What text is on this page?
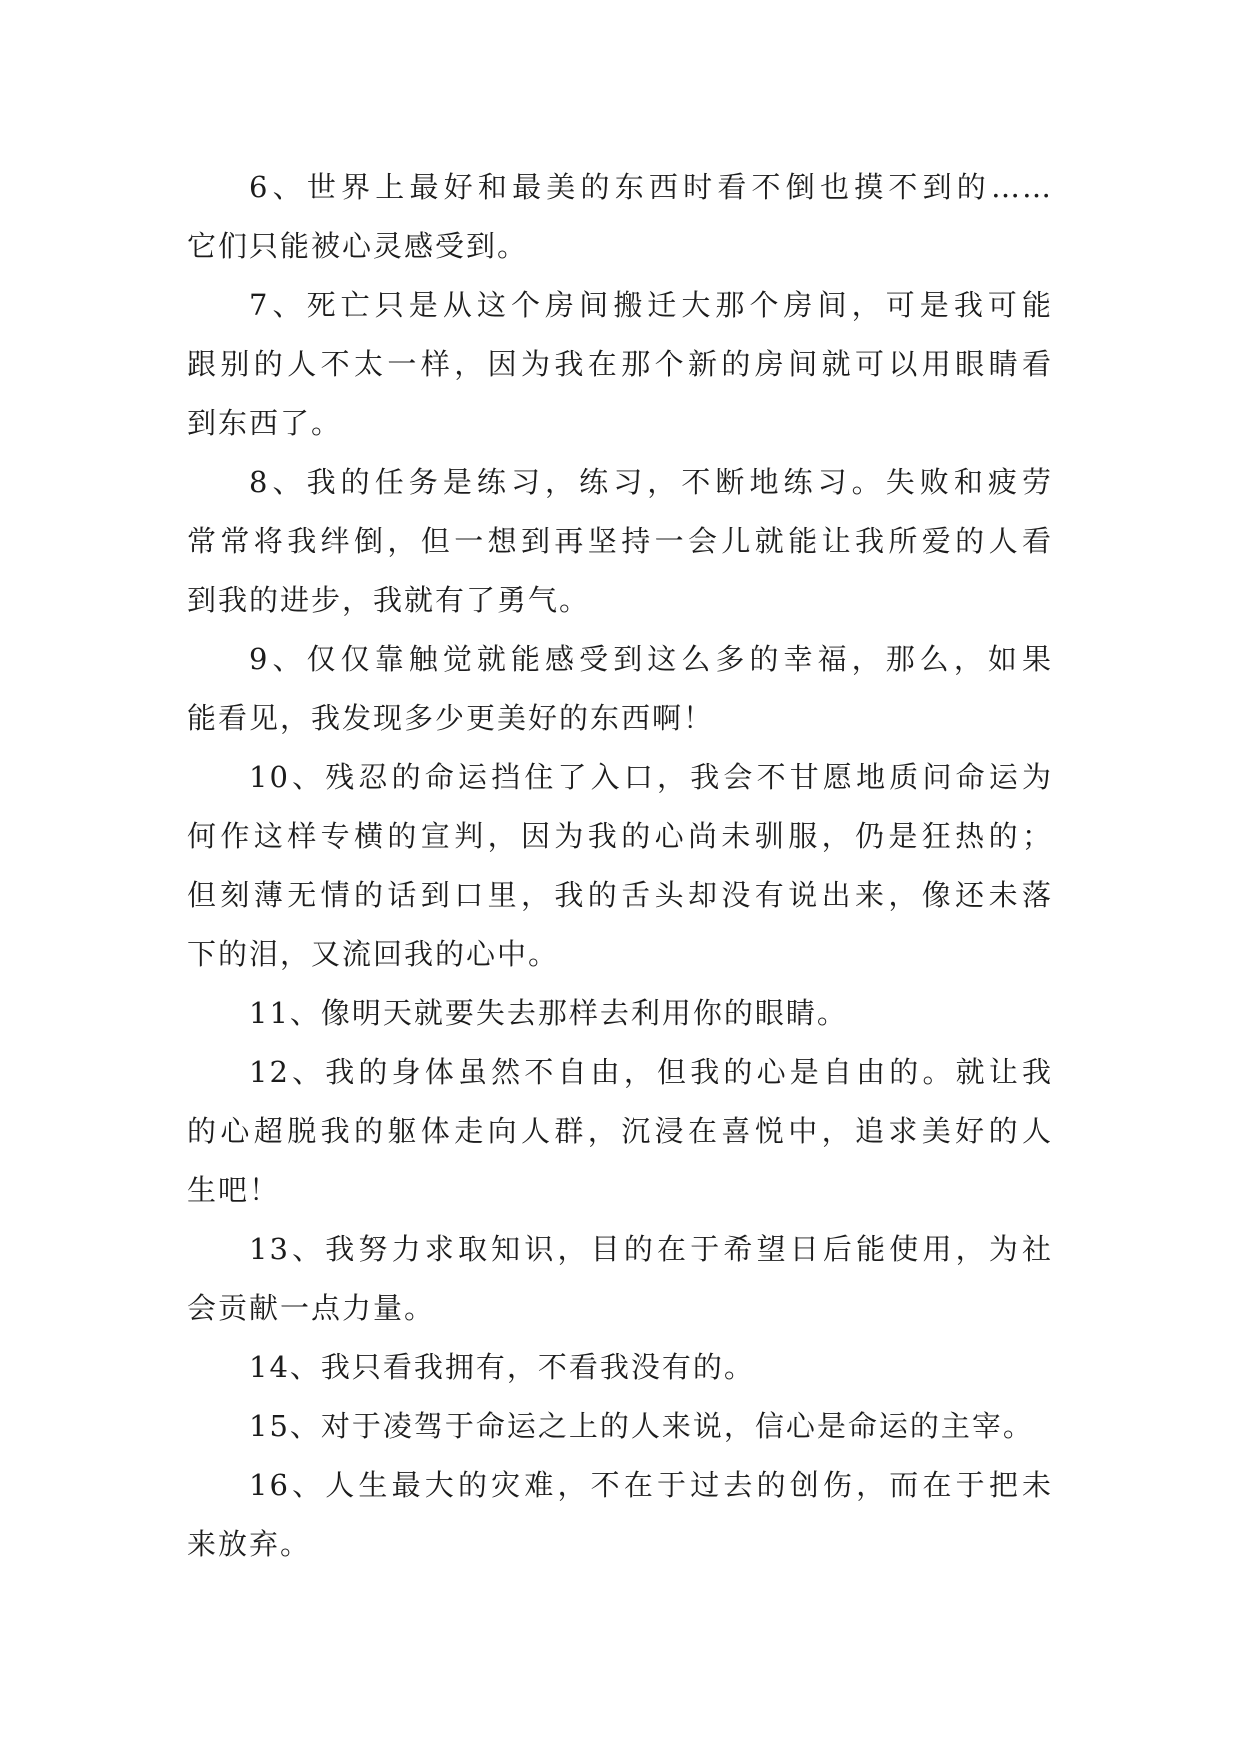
6、世界上最好和最美的东西时看不倒也摸不到的……
它们只能被心灵感受到。
7、死亡只是从这个房间搬迁大那个房间，可是我可能
跟别的人不太一样，因为我在那个新的房间就可以用眼睛看
到东西了。
8、我的任务是练习，练习，不断地练习。失败和疲劳
常常将我绊倒，但一想到再坚持一会儿就能让我所爱的人看
到我的进步，我就有了勇气。
9、仅仅靠触觉就能感受到这么多的幸福，那么，如果
能看见，我发现多少更美好的东西啊！
10、残忍的命运挡住了入口，我会不甘愿地质问命运为
何作这样专横的宣判，因为我的心尚未驯服，仍是狂热的；
但刻薄无情的话到口里，我的舌头却没有说出来，像还未落
下的泪，又流回我的心中。
11、像明天就要失去那样去利用你的眼睛。
12、我的身体虽然不自由，但我的心是自由的。就让我
的心超脱我的躯体走向人群，沉浸在喜悦中，追求美好的人
生吧！
13、我努力求取知识，目的在于希望日后能使用，为社
会贡献一点力量。
14、我只看我拥有，不看我没有的。
15、对于凌驾于命运之上的人来说，信心是命运的主宰。
16、人生最大的灾难，不在于过去的创伤，而在于把未
来放弃。
